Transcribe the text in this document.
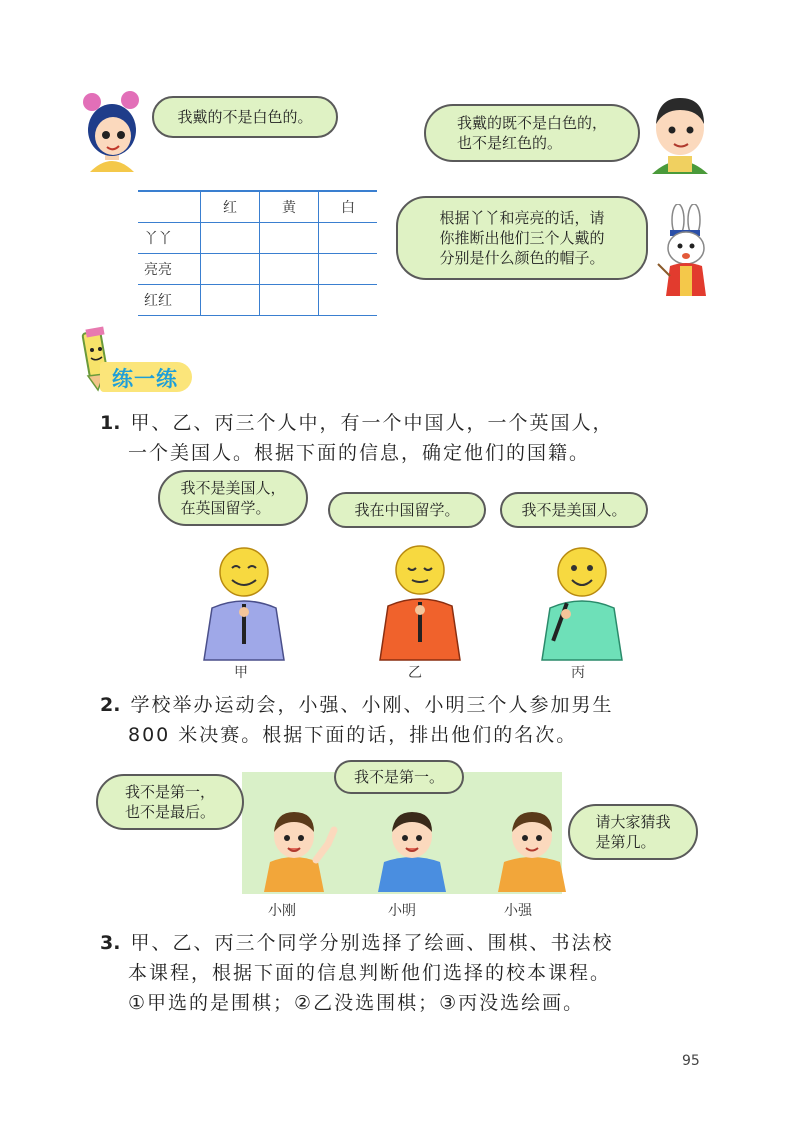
我戴的不是白色的。	我戴的既不是白色的，
也不是红色的。
	红	黄	白
丫丫			
亮亮			
红红			
根据丫丫和亮亮的话，请
你推断出他们三个人戴的
分别是什么颜色的帽子。
练一练
1. 甲、乙、丙三个人中，有一个中国人，一个英国人，
一个美国人。根据下面的信息，确定他们的国籍。
我不是美国人，
在英国留学。	我在中国留学。	我不是美国人。
甲	乙	丙
2. 学校举办运动会，小强、小刚、小明三个人参加男生
800 米决赛。根据下面的话，排出他们的名次。
我不是第一，
也不是最后。
我不是第一。
请大家猜我
是第几。
小刚	小明	小强
3. 甲、乙、丙三个同学分别选择了绘画、围棋、书法校
本课程，根据下面的信息判断他们选择的校本课程。
①甲选的是围棋；②乙没选围棋；③丙没选绘画。
95
